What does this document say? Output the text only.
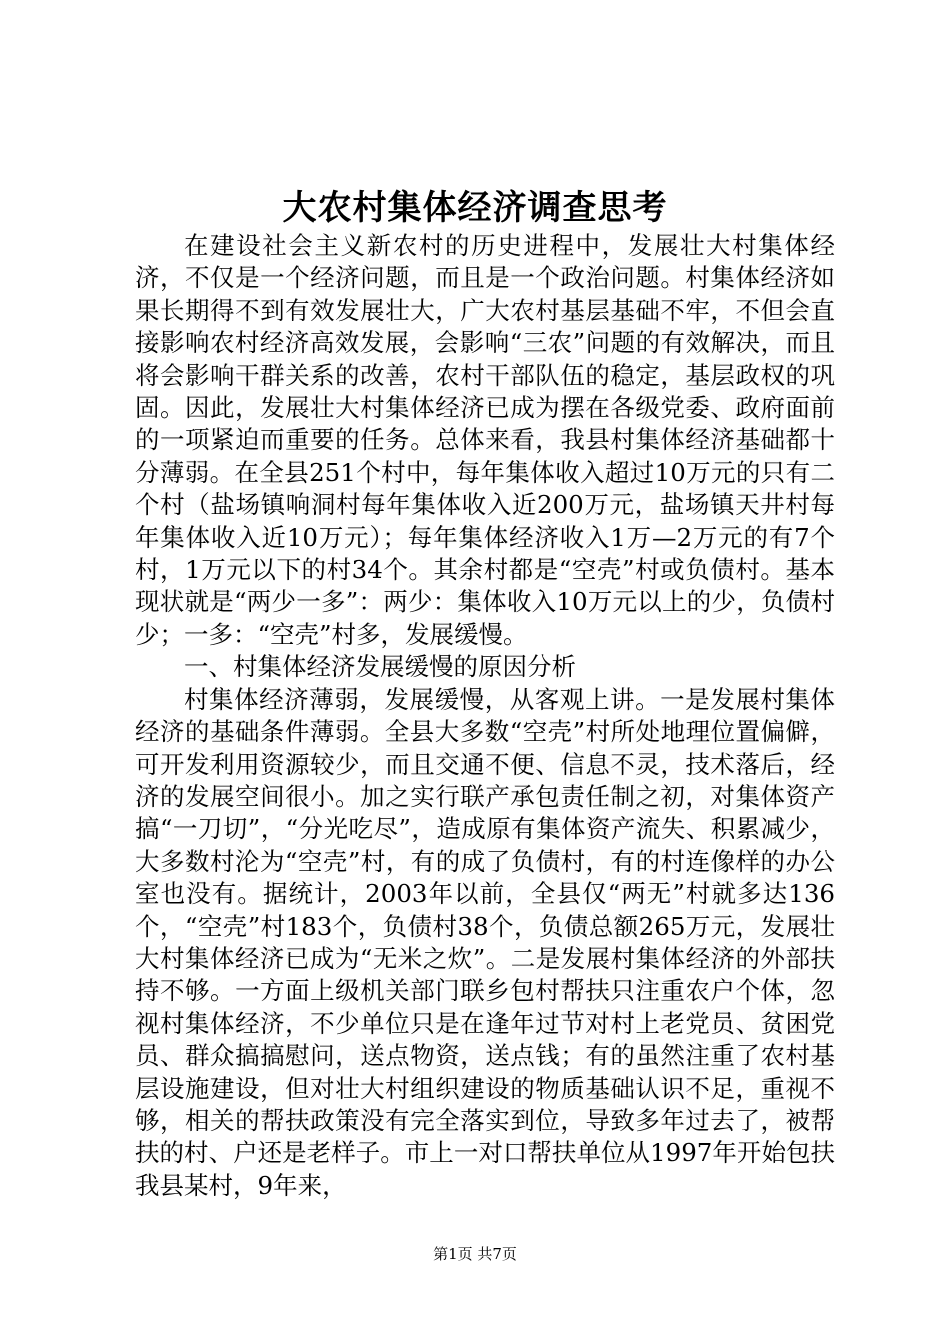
大农村集体经济调查思考

在建设社会主义新农村的历史进程中，发展壮大村集体经济，不仅是一个经济问题，而且是一个政治问题。村集体经济如果长期得不到有效发展壮大，广大农村基层基础不牢，不但会直接影响农村经济高效发展，会影响“三农”问题的有效解决，而且将会影响干群关系的改善，农村干部队伍的稳定，基层政权的巩固。因此，发展壮大村集体经济已成为摆在各级党委、政府面前的一项紧迫而重要的任务。总体来看，我县村集体经济基础都十分薄弱。在全县251个村中，每年集体收入超过10万元的只有二个村（盐场镇响洞村每年集体收入近200万元，盐场镇天井村每年集体收入近10万元）；每年集体经济收入1万—2万元的有7个村，1万元以下的村34个。其余村都是“空壳”村或负债村。基本现状就是“两少一多”：两少：集体收入10万元以上的少，负债村少；一多：“空壳”村多，发展缓慢。

一、村集体经济发展缓慢的原因分析

村集体经济薄弱，发展缓慢，从客观上讲。一是发展村集体经济的基础条件薄弱。全县大多数“空壳”村所处地理位置偏僻，可开发利用资源较少，而且交通不便、信息不灵，技术落后，经济的发展空间很小。加之实行联产承包责任制之初，对集体资产搞“一刀切”，“分光吃尽”，造成原有集体资产流失、积累减少，大多数村沦为“空壳”村，有的成了负债村，有的村连像样的办公室也没有。据统计，2003年以前，全县仅“两无”村就多达136个，“空壳”村183个，负债村38个，负债总额265万元，发展壮大村集体经济已成为“无米之炊”。二是发展村集体经济的外部扶持不够。一方面上级机关部门联乡包村帮扶只注重农户个体，忽视村集体经济，不少单位只是在逢年过节对村上老党员、贫困党员、群众搞搞慰问，送点物资，送点钱；有的虽然注重了农村基层设施建设，但对壮大村组织建设的物质基础认识不足，重视不够，相关的帮扶政策没有完全落实到位，导致多年过去了，被帮扶的村、户还是老样子。市上一对口帮扶单位从1997年开始包扶我县某村，9年来，

第1页 共7页
